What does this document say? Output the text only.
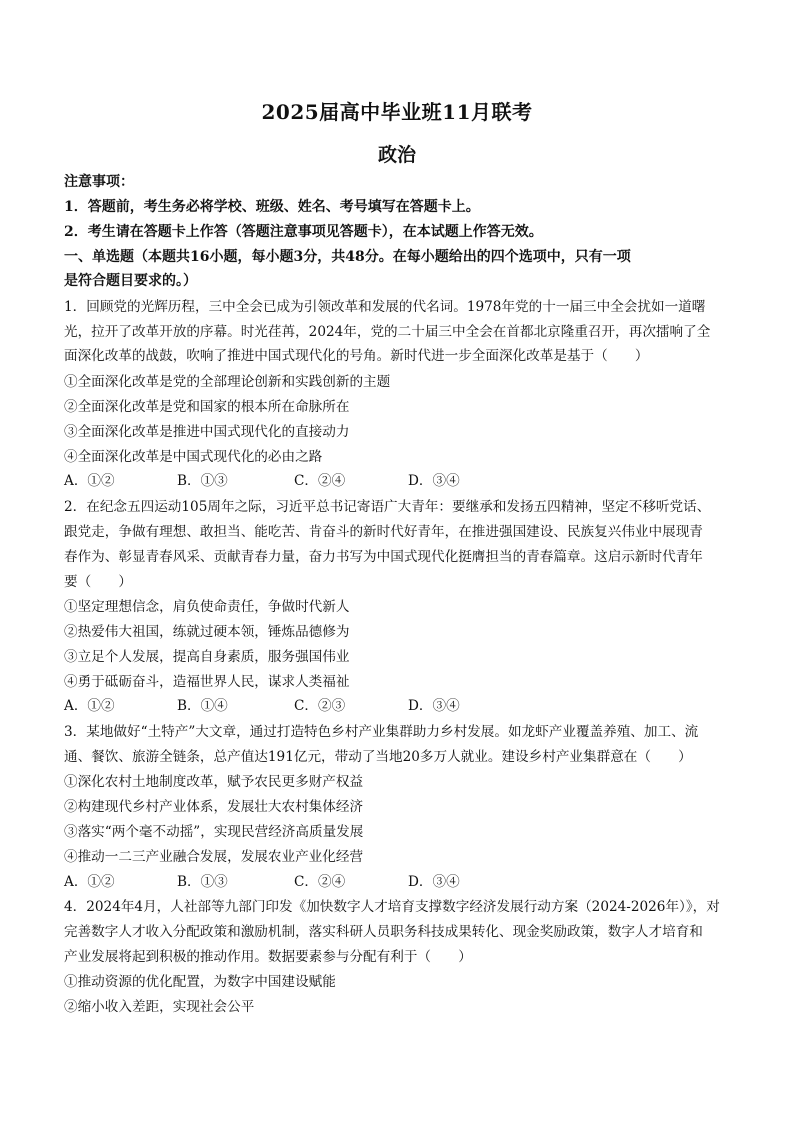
2025届高中毕业班11月联考
政治
注意事项：
1．答题前，考生务必将学校、班级、姓名、考号填写在答题卡上。
2．考生请在答题卡上作答（答题注意事项见答题卡），在本试题上作答无效。
一、单选题（本题共16小题，每小题3分，共48分。在每小题给出的四个选项中，只有一项
是符合题目要求的。）
1．回顾党的光辉历程，三中全会已成为引领改革和发展的代名词。1978年党的十一届三中全会扰如一道曙
光，拉开了改革开放的序幕。时光荏苒，2024年，党的二十届三中全会在首都北京隆重召开，再次擂响了全
面深化改革的战鼓，吹响了推进中国式现代化的号角。新时代进一步全面深化改革是基于（　　）
①全面深化改革是党的全部理论创新和实践创新的主题
②全面深化改革是党和国家的根本所在命脉所在
③全面深化改革是推进中国式现代化的直接动力
④全面深化改革是中国式现代化的必由之路
A．①②	B．①③	C．②④	D．③④
2．在纪念五四运动105周年之际，习近平总书记寄语广大青年：要继承和发扬五四精神，坚定不移听党话、
跟党走，争做有理想、敢担当、能吃苦、肯奋斗的新时代好青年，在推进强国建设、民族复兴伟业中展现青
春作为、彰显青春风采、贡献青春力量，奋力书写为中国式现代化挺膺担当的青春篇章。这启示新时代青年
要（　　）
①坚定理想信念，肩负使命责任，争做时代新人
②热爱伟大祖国，练就过硬本领，锤炼品德修为
③立足个人发展，提高自身素质，服务强国伟业
④勇于砥砺奋斗，造福世界人民，谋求人类福祉
A．①②	B．①④	C．②③	D．③④
3．某地做好“土特产”大文章，通过打造特色乡村产业集群助力乡村发展。如龙虾产业覆盖养殖、加工、流
通、餐饮、旅游全链条，总产值达191亿元，带动了当地20多万人就业。建设乡村产业集群意在（　　）
①深化农村土地制度改革，赋予农民更多财产权益
②构建现代乡村产业体系，发展壮大农村集体经济
③落实“两个毫不动摇”，实现民营经济高质量发展
④推动一二三产业融合发展，发展农业产业化经营
A．①②	B．①③	C．②④	D．③④
4．2024年4月，人社部等九部门印发《加快数字人才培育支撑数字经济发展行动方案（2024-2026年）》，对
完善数字人才收入分配政策和激励机制，落实科研人员职务科技成果转化、现金奖励政策，数字人才培育和
产业发展将起到积极的推动作用。数据要素参与分配有利于（　　）
①推动资源的优化配置，为数字中国建设赋能
②缩小收入差距，实现社会公平
